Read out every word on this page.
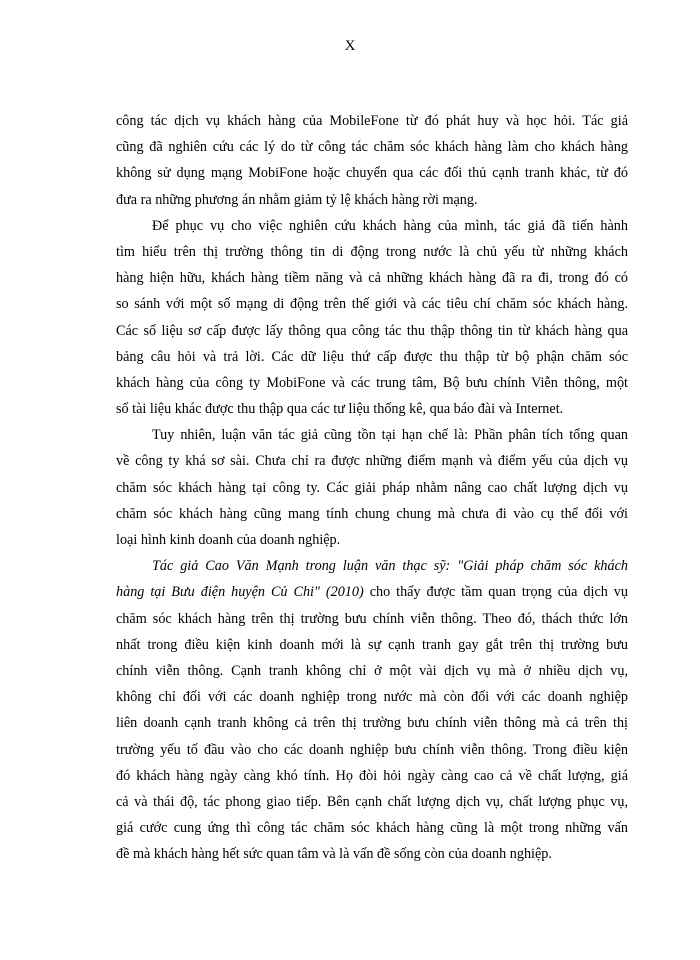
X
công tác dịch vụ khách hàng của MobileFone từ đó phát huy và học hỏi. Tác giả
cũng đã nghiên cứu các lý do từ công tác chăm sóc khách hàng làm cho khách hàng
không sử dụng mạng MobiFone hoặc chuyển qua các đối thủ cạnh tranh khác, từ đó
đưa ra những phương án nhằm giảm tỷ lệ khách hàng rời mạng.
Để phục vụ cho việc nghiên cứu khách hàng của mình, tác giả đã tiến hành
tìm hiểu trên thị trường thông tin di động trong nước là chủ yếu từ những khách
hàng hiện hữu, khách hàng tiềm năng và cả những khách hàng đã ra đi, trong đó có
so sánh với một số mạng di động trên thế giới và các tiêu chí chăm sóc khách hàng.
Các số liệu sơ cấp được lấy thông qua công tác thu thập thông tin từ khách hàng qua
bảng câu hỏi và trả lời. Các dữ liệu thứ cấp được thu thập từ bộ phận chăm sóc
khách hàng của công ty MobiFone và các trung tâm, Bộ bưu chính Viễn thông, một
số tài liệu khác được thu thập qua các tư liệu thống kê, qua báo đài và Internet.
Tuy nhiên, luận văn tác giả cũng tồn tại hạn chế là: Phần phân tích tổng quan
về công ty khá sơ sài. Chưa chỉ ra được những điểm mạnh và điểm yếu của dịch vụ
chăm sóc khách hàng tại công ty. Các giải pháp nhằm nâng cao chất lượng dịch vụ
chăm sóc khách hàng cũng mang tính chung chung mà chưa đi vào cụ thể đối với
loại hình kinh doanh của doanh nghiệp.
Tác giả Cao Văn Mạnh trong luận văn thạc sỹ: "Giải pháp chăm sóc khách
hàng tại Bưu điện huyện Củ Chi" (2010) cho thấy được tầm quan trọng của dịch vụ
chăm sóc khách hàng trên thị trường bưu chính viễn thông. Theo đó, thách thức lớn
nhất trong điều kiện kinh doanh mới là sự cạnh tranh gay gắt trên thị trường bưu
chính viễn thông. Cạnh tranh không chỉ ở một vài dịch vụ mà ở nhiều dịch vụ,
không chỉ đối với các doanh nghiệp trong nước mà còn đối với các doanh nghiệp
liên doanh cạnh tranh không cả trên thị trường bưu chính viễn thông mà cả trên thị
trường yếu tố đầu vào cho các doanh nghiệp bưu chính viễn thông. Trong điều kiện
đó khách hàng ngày càng khó tính. Họ đòi hỏi ngày càng cao cả về chất lượng, giá
cả và thái độ, tác phong giao tiếp. Bên cạnh chất lượng dịch vụ, chất lượng phục vụ,
giá cước cung ứng thì công tác chăm sóc khách hàng cũng là một trong những vấn
đề mà khách hàng hết sức quan tâm và là vấn đề sống còn của doanh nghiệp.
